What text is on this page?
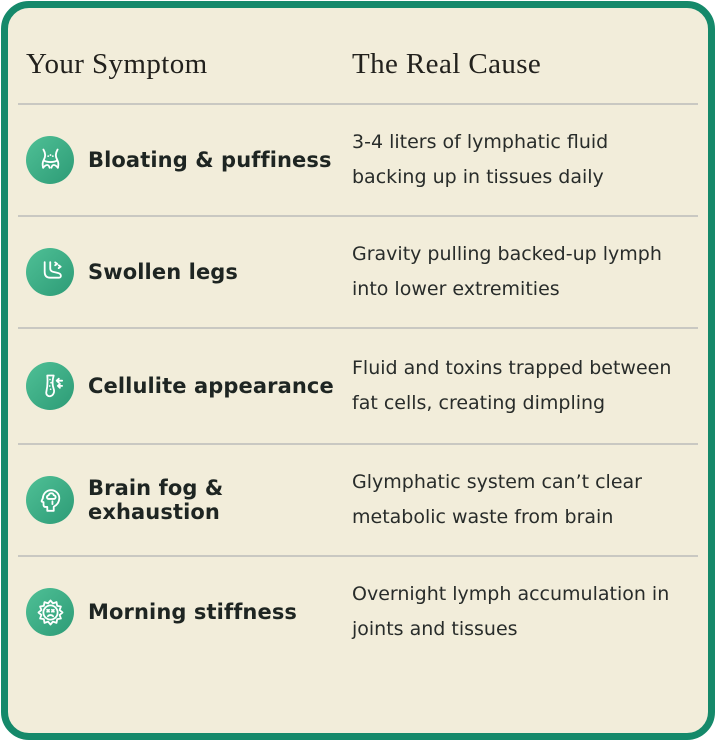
Your Symptom	The Real Cause
Bloating & puffiness

3-4 liters of lymphatic fluid backing up in tissues daily

Swollen legs

Gravity pulling backed-up lymph into lower extremities

Cellulite appearance

Fluid and toxins trapped between fat cells, creating dimpling

Brain fog & exhaustion

Glymphatic system can’t clear metabolic waste from brain

Morning stiffness

Overnight lymph accumulation in joints and tissues
